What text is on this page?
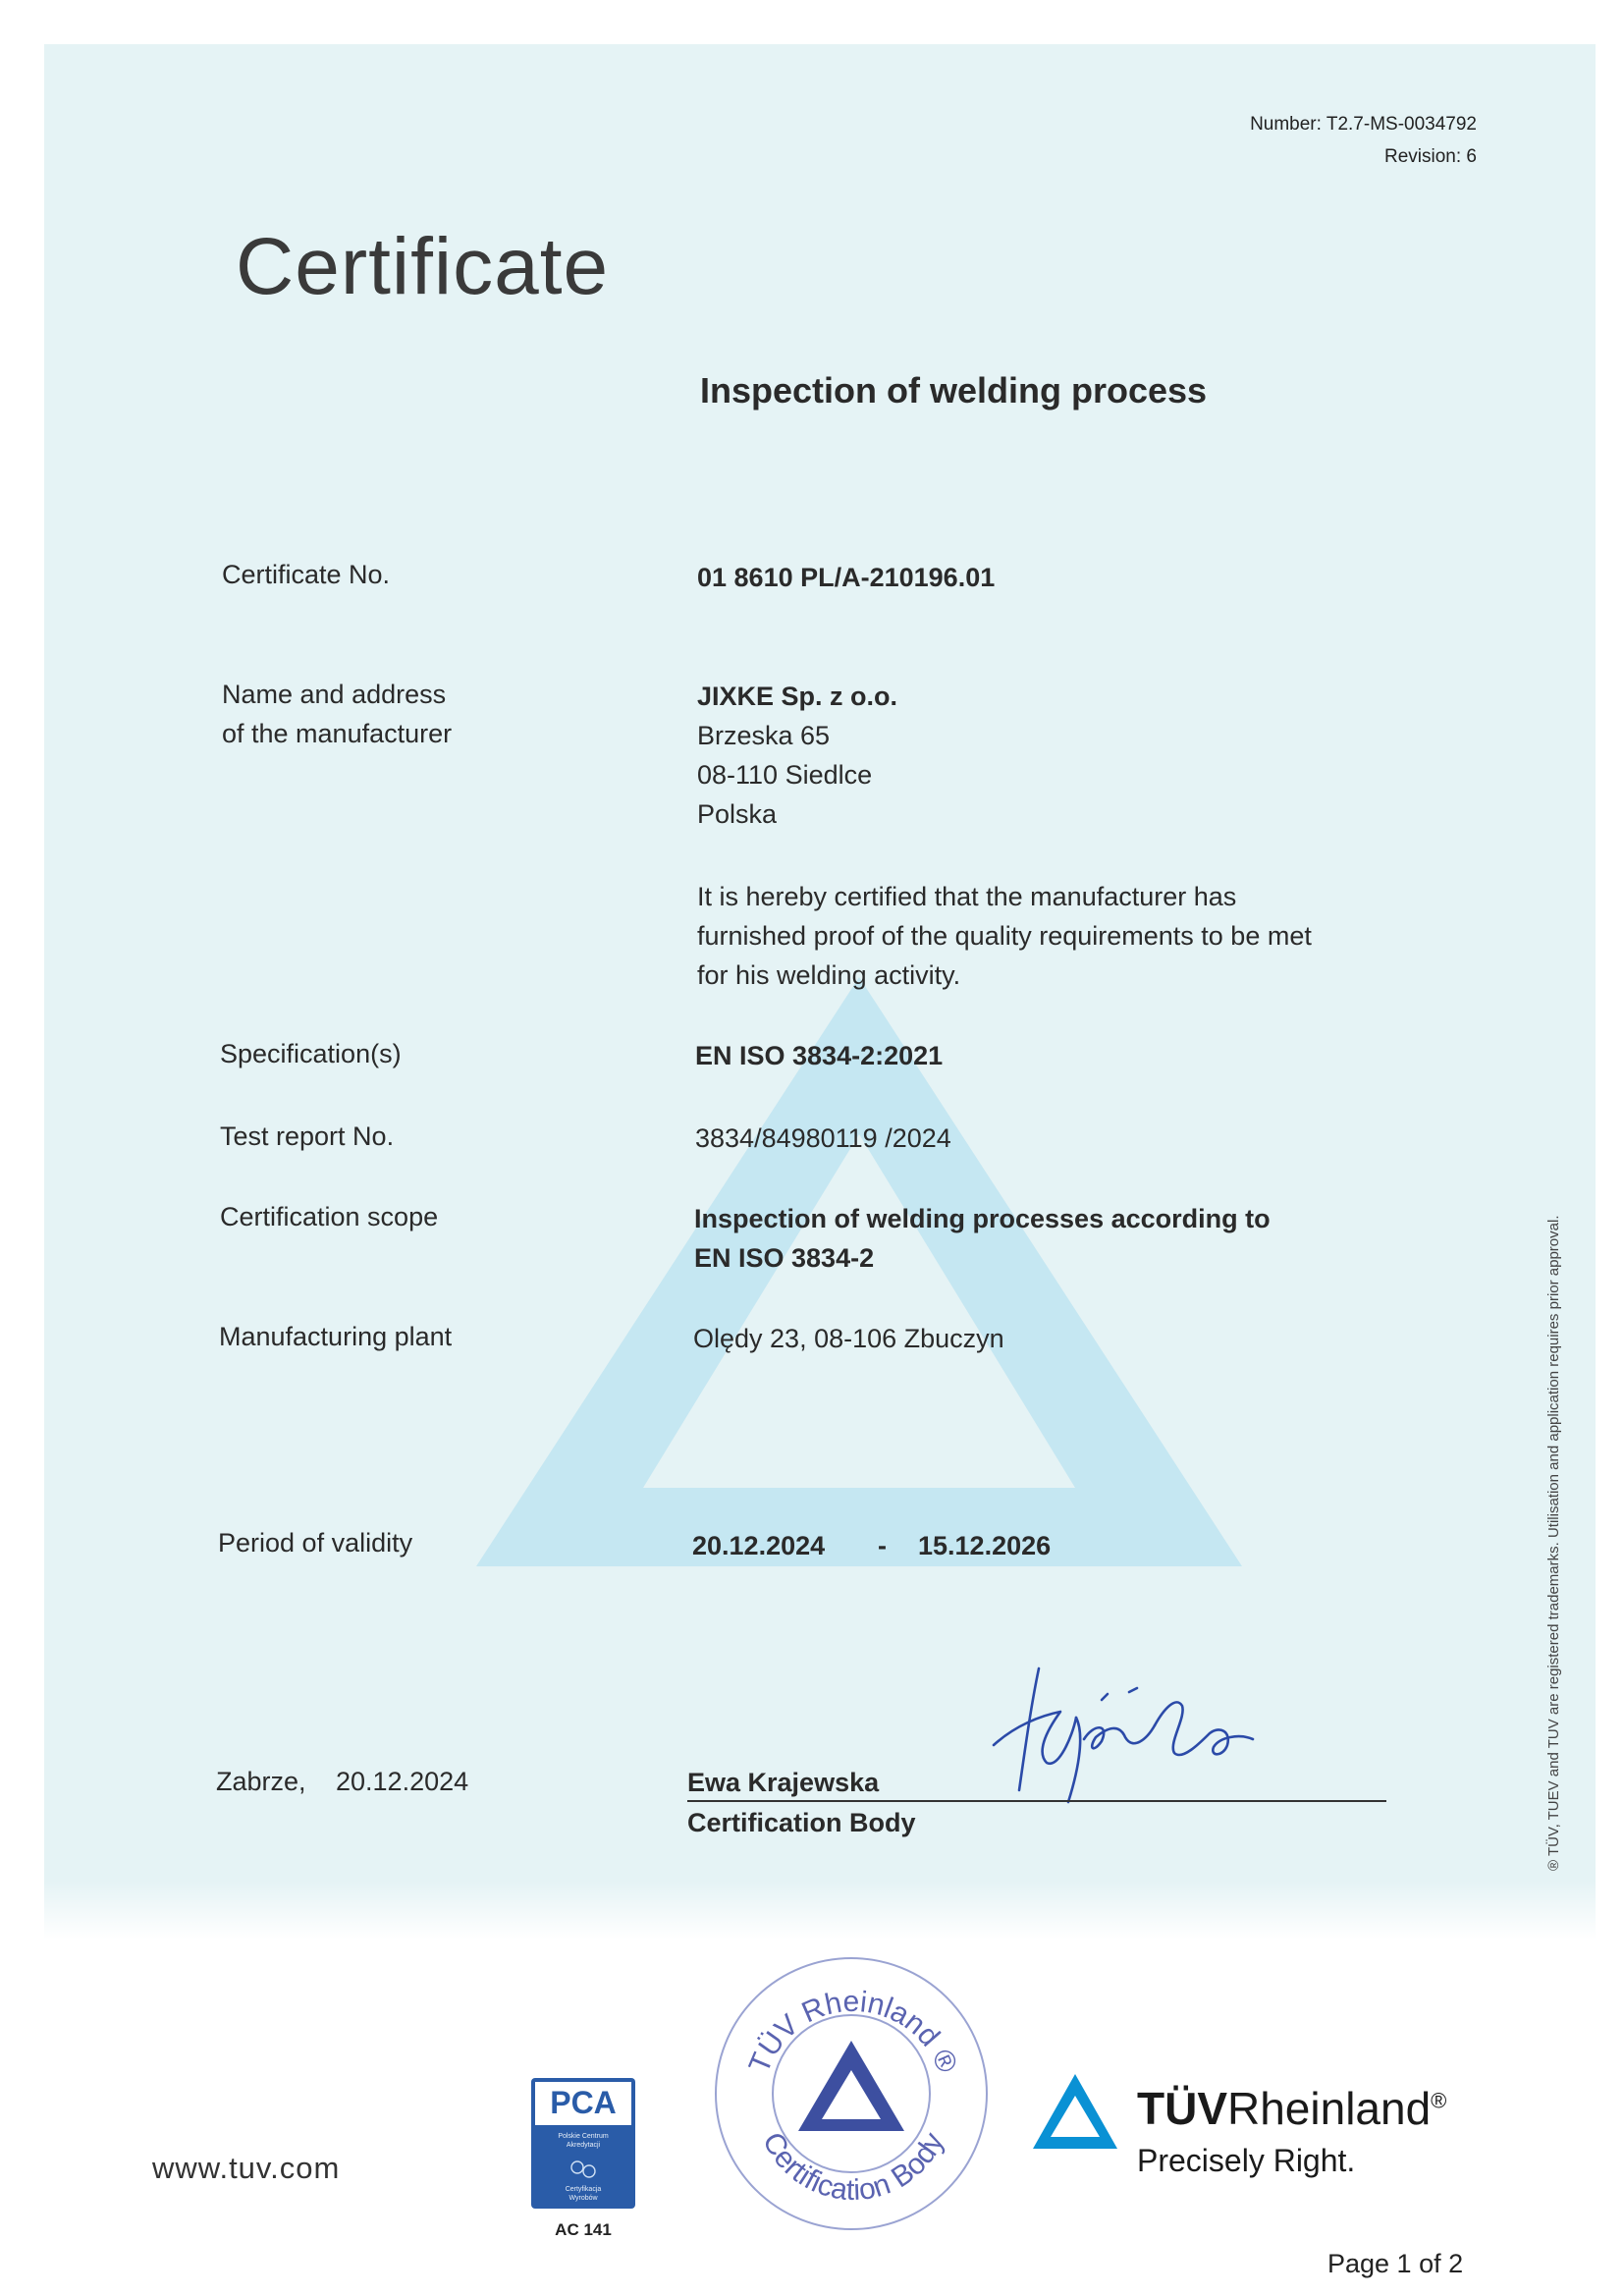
Number: T2.7-MS-0034792
Revision: 6
Certificate
Inspection of welding process
Certificate No.	01 8610 PL/A-210196.01
Name and address
of the manufacturer
JIXKE Sp. z o.o.
Brzeska 65
08-110 Siedlce
Polska
It is hereby certified that the manufacturer has
furnished proof of the quality requirements to be met
for his welding activity.
Specification(s)	EN ISO 3834-2:2021
Test report No.	3834/84980119 /2024
Certification scope	Inspection of welding processes according to
EN ISO 3834-2
Manufacturing plant	Olędy 23, 08-106 Zbuczyn
Period of validity	20.12.2024 - 15.12.2026
Zabrze, 20.12.2024	Ewa Krajewska
Certification Body	® TÜV, TUEV and TUV are registered trademarks. Utilisation and application requires prior approval.
www.tuv.com
PCA
Polskie Centrum
Akredytacji
Certyfikacja
Wyrobów
AC 141
TÜV Rheinland ®
Certification Body
TÜVRheinland®
Precisely Right.
Page 1 of 2
